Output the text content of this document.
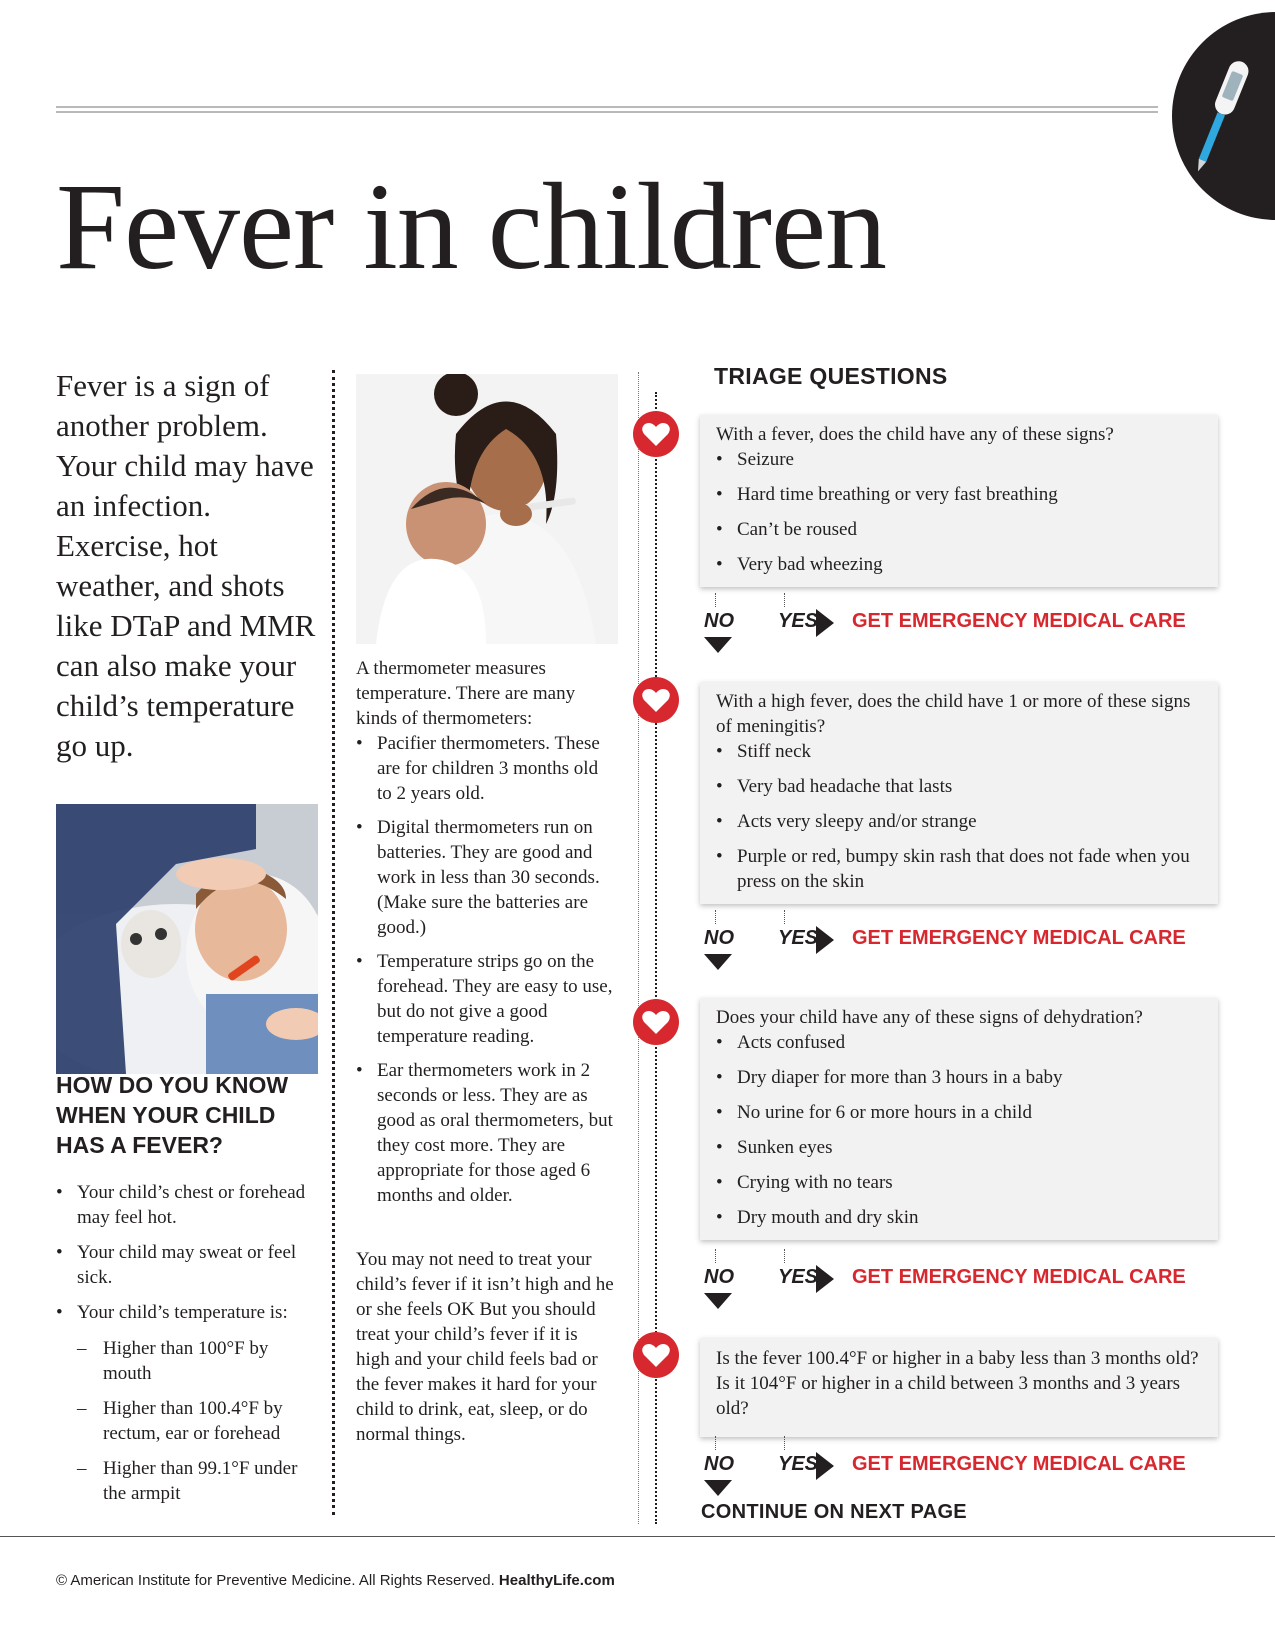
Fever in children

Fever is a sign of another problem. Your child may have an infection. Exercise, hot weather, and shots like DTaP and MMR can also make your child’s temperature go up.

HOW DO YOU KNOW WHEN YOUR CHILD HAS A FEVER?
• Your child’s chest or forehead may feel hot.
• Your child may sweat or feel sick.
• Your child’s temperature is:
– Higher than 100°F by mouth
– Higher than 100.4°F by rectum, ear or forehead
– Higher than 99.1°F under the armpit

A thermometer measures temperature. There are many kinds of thermometers:

• Pacifier thermometers. These are for children 3 months old to 2 years old.
• Digital thermometers run on batteries. They are good and work in less than 30 seconds. (Make sure the batteries are good.)
• Temperature strips go on the forehead. They are easy to use, but do not give a good temperature reading.
• Ear thermometers work in 2 seconds or less. They are as good as oral thermometers, but they cost more. They are appropriate for those aged 6 months and older.

You may not need to treat your child’s fever if it isn’t high and he or she feels OK But you should treat your child’s fever if it is high and your child feels bad or the fever makes it hard for your child to drink, eat, sleep, or do normal things.

TRIAGE QUESTIONS

With a fever, does the child have any of these signs?

• Seizure
• Hard time breathing or very fast breathing
• Can’t be roused
• Very bad wheezing
NO YES GET EMERGENCY MEDICAL CARE

With a high fever, does the child have 1 or more of these signs of meningitis?

• Stiff neck
• Very bad headache that lasts
• Acts very sleepy and/or strange
• Purple or red, bumpy skin rash that does not fade when you press on the skin
NO YES GET EMERGENCY MEDICAL CARE

Does your child have any of these signs of dehydration?

• Acts confused
• Dry diaper for more than 3 hours in a baby
• No urine for 6 or more hours in a child
• Sunken eyes
• Crying with no tears
• Dry mouth and dry skin
NO YES GET EMERGENCY MEDICAL CARE

Is the fever 100.4°F or higher in a baby less than 3 months old? Is it 104°F or higher in a child between 3 months and 3 years old?

NO YES GET EMERGENCY MEDICAL CARE

CONTINUE ON NEXT PAGE

© American Institute for Preventive Medicine. All Rights Reserved. HealthyLife.com
